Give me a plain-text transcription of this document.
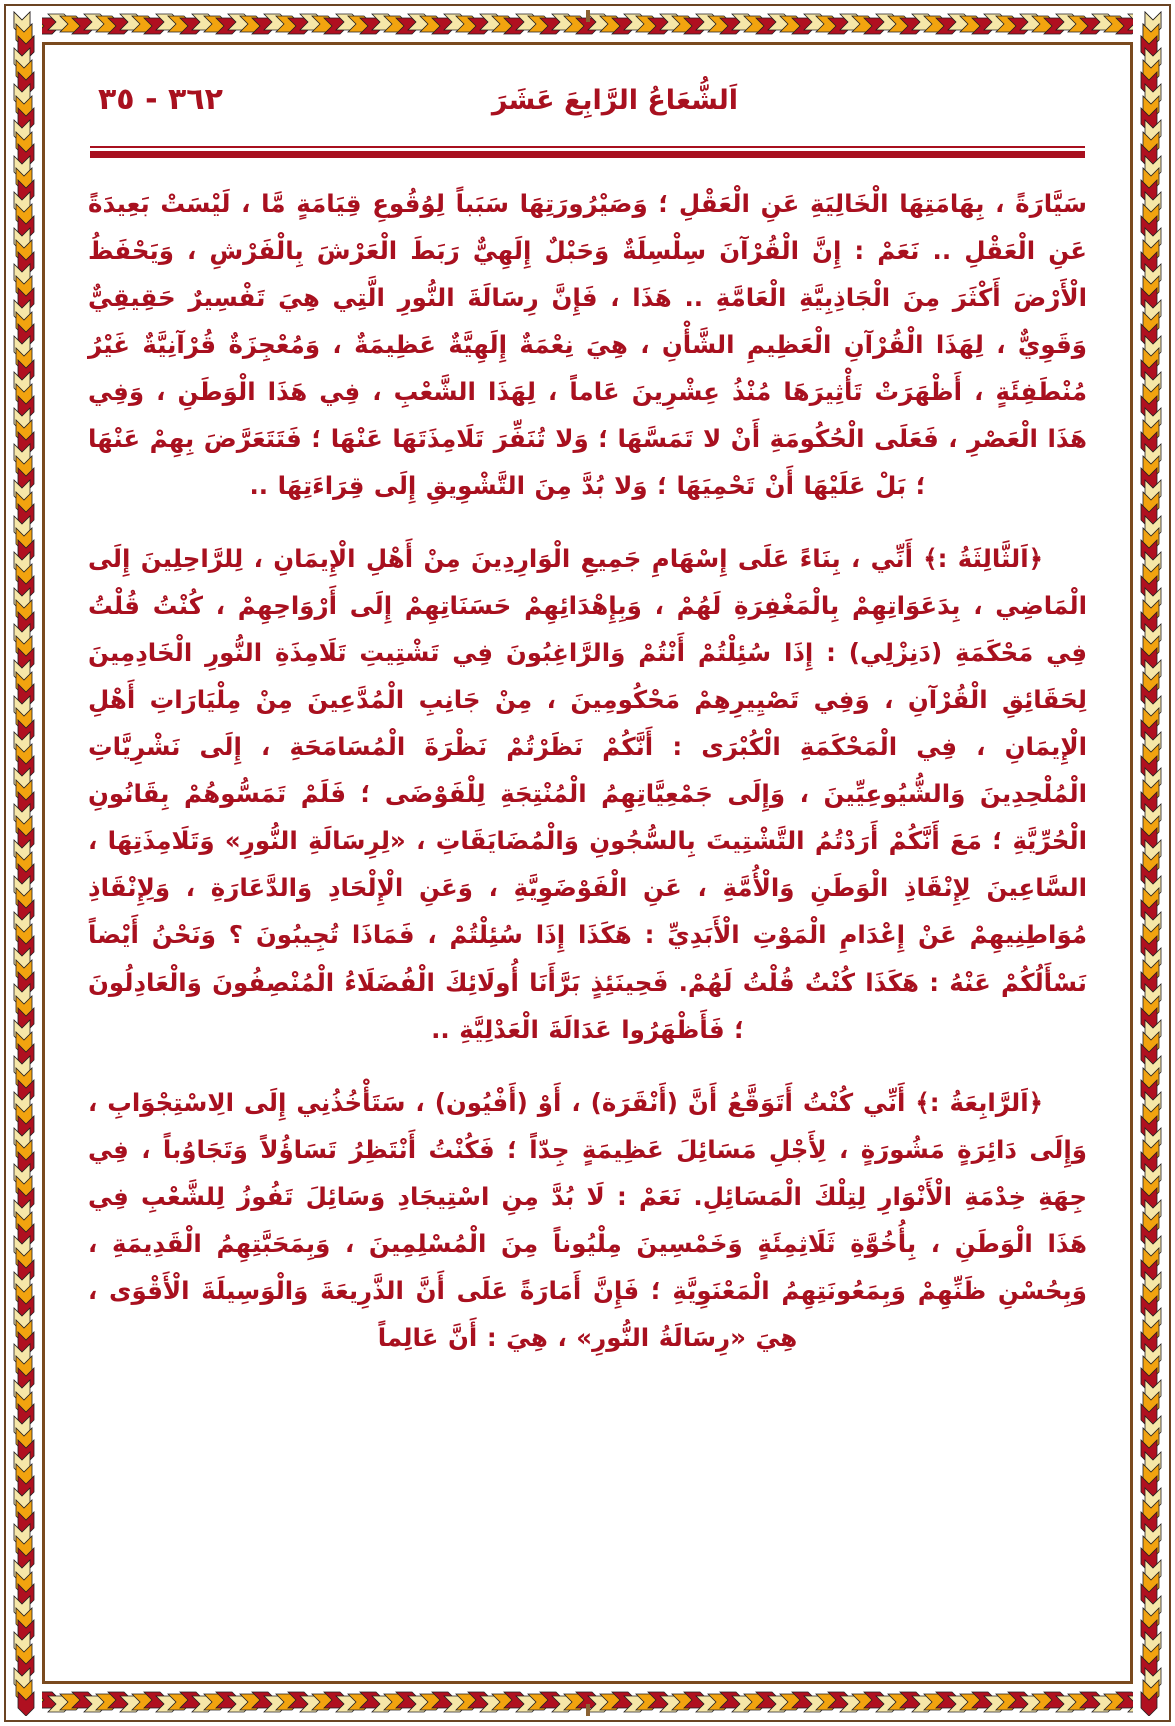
٣٦٢ - ٣٥	اَلشُّعَاعُ الرَّابِعَ عَشَرَ

سَيَّارَةً ، بِهَامَتِهَا الْخَالِيَةِ عَنِ الْعَقْلِ ؛ وَصَيْرُورَتِهَا سَبَباً لِوُقُوعِ قِيَامَةٍ مَّا ، لَيْسَتْ بَعِيدَةً عَنِ الْعَقْلِ .. نَعَمْ : إِنَّ الْقُرْآنَ سِلْسِلَةٌ وَحَبْلٌ إِلَهِيٌّ رَبَطَ الْعَرْشَ بِالْفَرْشِ ، وَيَحْفَظُ الْأَرْضَ أَكْثَرَ مِنَ الْجَاذِبِيَّةِ الْعَامَّةِ .. هَذَا ، فَإِنَّ رِسَالَةَ النُّورِ الَّتِي هِيَ تَفْسِيرٌ حَقِيقِيٌّ وَقَوِيٌّ ، لِهَذَا الْقُرْآنِ الْعَظِيمِ الشَّأْنِ ، هِيَ نِعْمَةٌ إِلَهِيَّةٌ عَظِيمَةٌ ، وَمُعْجِزَةٌ قُرْآنِيَّةٌ غَيْرُ مُنْطَفِئَةٍ ، أَظْهَرَتْ تَأْثِيرَهَا مُنْذُ عِشْرِينَ عَاماً ، لِهَذَا الشَّعْبِ ، فِي هَذَا الْوَطَنِ ، وَفِي هَذَا الْعَصْرِ ، فَعَلَى الْحُكُومَةِ أَنْ لا تَمَسَّهَا ؛ وَلا تُنَفِّرَ تَلَامِذَتَهَا عَنْهَا ؛ فَتَتَعَرَّضَ بِهِمْ عَنْهَا ؛ بَلْ عَلَيْهَا أَنْ تَحْمِيَهَا ؛ وَلا بُدَّ مِنَ التَّشْوِيقِ إِلَى قِرَاءَتِهَا ..

﴿اَلثَّالِثَةُ :﴾ أَنِّي ، بِنَاءً عَلَى إِسْهَامِ جَمِيعِ الْوَارِدِينَ مِنْ أَهْلِ الْإِيمَانِ ، لِلرَّاحِلِينَ إِلَى الْمَاضِي ، بِدَعَوَاتِهِمْ بِالْمَغْفِرَةِ لَهُمْ ، وَبِإِهْدَائِهِمْ حَسَنَاتِهِمْ إِلَى أَرْوَاحِهِمْ ، كُنْتُ قُلْتُ فِي مَحْكَمَةِ (دَنِزْلِي) : إِذَا سُئِلْتُمْ أَنْتُمْ وَالرَّاغِبُونَ فِي تَشْتِيتِ تَلَامِذَةِ النُّورِ الْخَادِمِينَ لِحَقَائِقِ الْقُرْآنِ ، وَفِي تَصْيِيرِهِمْ مَحْكُومِينَ ، مِنْ جَانِبِ الْمُدَّعِينَ مِنْ مِلْيَارَاتِ أَهْلِ الْإِيمَانِ ، فِي الْمَحْكَمَةِ الْكُبْرَى : أَنَّكُمْ نَظَرْتُمْ نَظْرَةَ الْمُسَامَحَةِ ، إِلَى نَشْرِيَّاتِ الْمُلْحِدِينَ وَالشُّيُوعِيِّينَ ، وَإِلَى جَمْعِيَّاتِهِمُ الْمُنْتِجَةِ لِلْفَوْضَى ؛ فَلَمْ تَمَسُّوهُمْ بِقَانُونِ الْحُرِّيَّةِ ؛ مَعَ أَنَّكُمْ أَرَدْتُمُ التَّشْتِيتَ بِالسُّجُونِ وَالْمُضَايَقَاتِ ، «لِرِسَالَةِ النُّورِ» وَتَلَامِذَتِهَا ، السَّاعِينَ لِإِنْقَاذِ الْوَطَنِ وَالْأُمَّةِ ، عَنِ الْفَوْضَوِيَّةِ ، وَعَنِ الْإِلْحَادِ وَالدَّعَارَةِ ، وَلِإِنْقَاذِ مُوَاطِنِيهِمْ عَنْ إِعْدَامِ الْمَوْتِ الْأَبَدِيِّ : هَكَذَا إِذَا سُئِلْتُمْ ، فَمَاذَا تُجِيبُونَ ؟ وَنَحْنُ أَيْضاً نَسْأَلُكُمْ عَنْهُ : هَكَذَا كُنْتُ قُلْتُ لَهُمْ. فَحِينَئِذٍ بَرَّأَنَا أُولَائِكَ الْفُضَلَاءُ الْمُنْصِفُونَ وَالْعَادِلُونَ ؛ فَأَظْهَرُوا عَدَالَةَ الْعَدْلِيَّةِ ..

﴿اَلرَّابِعَةُ :﴾ أَنِّي كُنْتُ أَتَوَقَّعُ أَنَّ (أَنْقَرَة) ، أَوْ (أَفْيُون) ، سَتَأْخُذُنِي إِلَى الِاسْتِجْوَابِ ، وَإِلَى دَائِرَةٍ مَشُورَةٍ ، لِأَجْلِ مَسَائِلَ عَظِيمَةٍ جِدّاً ؛ فَكُنْتُ أَنْتَظِرُ تَسَاؤُلاً وَتَجَاوُباً ، فِي جِهَةِ خِدْمَةِ الْأَنْوَارِ لِتِلْكَ الْمَسَائِلِ. نَعَمْ : لَا بُدَّ مِنِ اسْتِيجَادِ وَسَائِلَ تَفُوزُ لِلشَّعْبِ فِي هَذَا الْوَطَنِ ، بِأُخُوَّةِ ثَلَاثِمِئَةٍ وَخَمْسِينَ مِلْيُوناً مِنَ الْمُسْلِمِينَ ، وَبِمَحَبَّتِهِمُ الْقَدِيمَةِ ، وَبِحُسْنِ ظَنِّهِمْ وَبِمَعُونَتِهِمُ الْمَعْنَوِيَّةِ ؛ فَإِنَّ أَمَارَةً عَلَى أَنَّ الذَّرِيعَةَ وَالْوَسِيلَةَ الْأَقْوَى ، هِيَ «رِسَالَةُ النُّورِ» ، هِيَ : أَنَّ عَالِماً
